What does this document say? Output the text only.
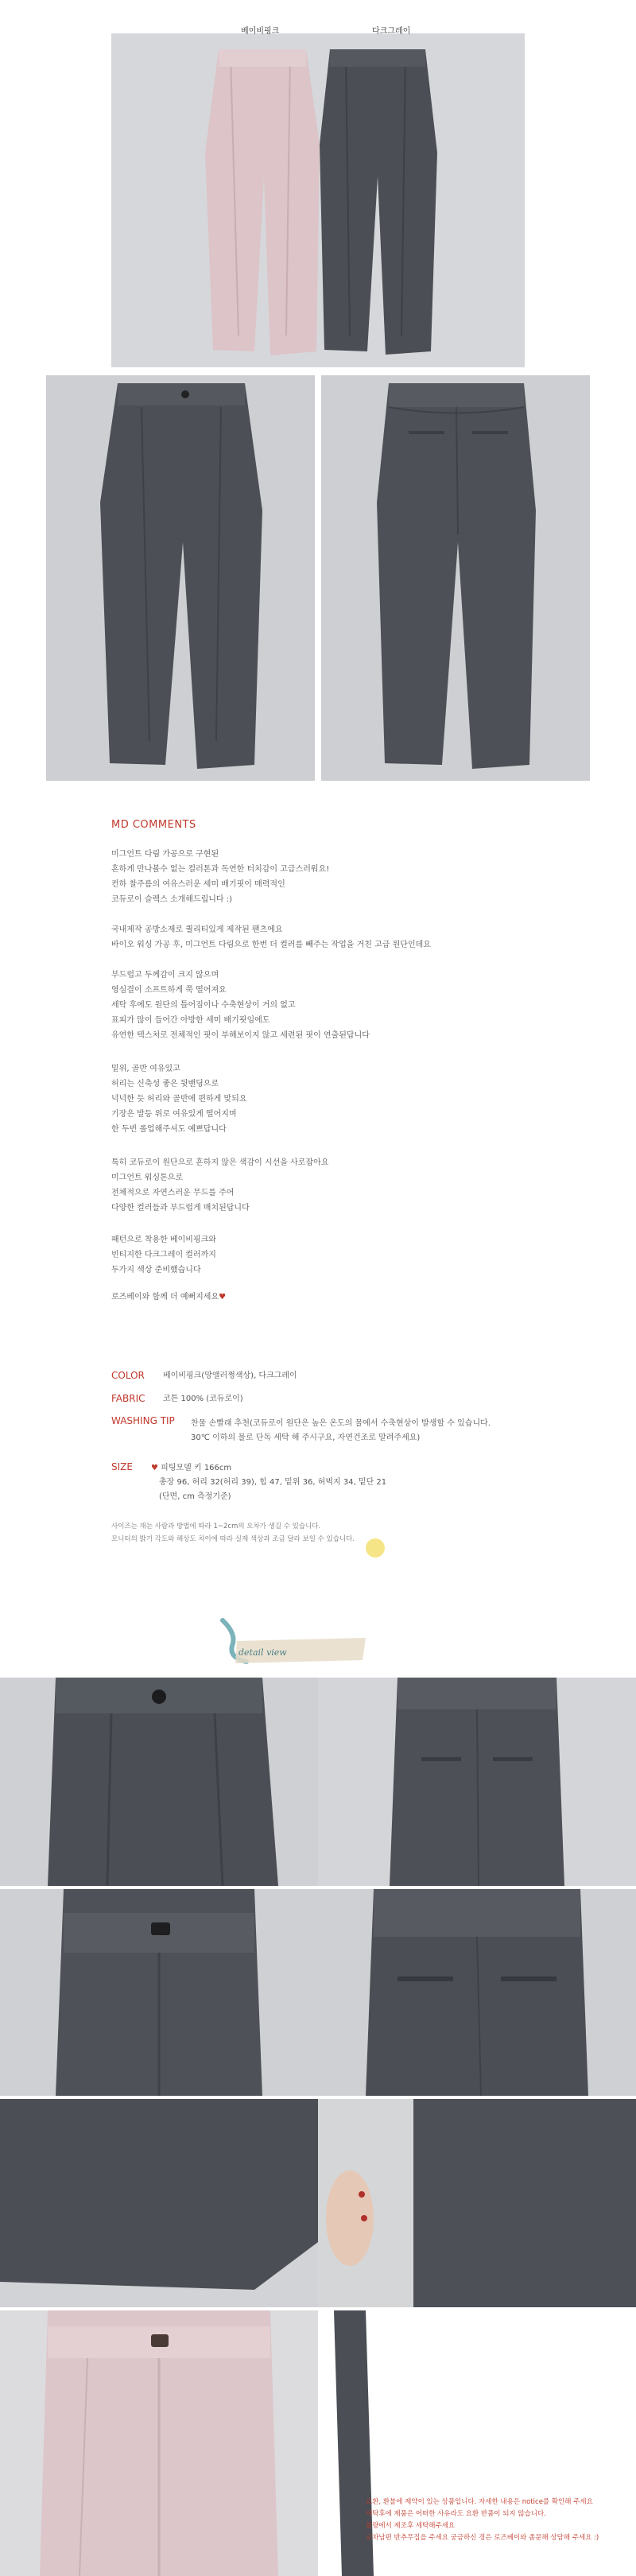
베이비핑크	다크그레이
MD COMMENTS
미그언트 다림 가공으로 구현된
흔하게 만나볼수 없는 컬러톤과 독연한 터치감이 고급스러워요!
컨하 찰주름의 여유스러운 세미 배기핏이 매력적인
코듀로이 슬렉스 소개해드립니다 :)
국내제작 공방소재로 퀄리티있게 제작된 팬츠에요
바이오 워싱 가공 후, 미그언트 다림으로 한번 더 컬러를 빼주는 작업을 거친 고급 원단인데요
부드럽고 두께감이 크지 않으며
영심결이 소프트하게 쭉 떨어져요
세탁 후에도 원단의 틀어짐이나 수축현상이 거의 없고
표피가 많이 들어간 아방한 세미 배기핏임에도
유연한 텍스처로 전체적인 핏이 부해보이지 않고 세련된 핏이 연출된답니다
밑위, 골반 여유있고
허리는 신축성 좋은 뒷밴딩으로
넉넉한 듯 허리와 골반에 편하게 맞되요
기장은 발등 위로 여유있게 떨어지며
한 두번 롤업해주셔도 예쁘답니다
특히 코듀로이 원단으로 흔하지 않은 색감이 시선을 사로잡아요
미그언트 워싱톤으로
전체적으로 자연스러운 무드를 주어
다양한 컬러들과 부드럽게 매치된답니다
패턴으로 착용한 베이비핑크와
빈티지한 다크그레이 컬러까지
두가지 색상 준비했습니다
로즈베이와 함께 더 예뻐지세요♥
COLOR 베이비핑크(망앨러쩡색상), 다크그레이
FABRIC 코튼 100% (코듀로이)
WASHING TIP 찬물 손빨래 추천(코듀로이 원단은 높은 온도의 물에서 수축현상이 발생할 수 있습니다.
30℃ 이하의 물로 단독 세탁 해 주시구요, 자연건조로 말려주세요)
SIZE ♥ 피팅모델 키 166cm
총장 96, 허리 32(허리 39), 힙 47, 밑위 36, 허벅지 34, 밑단 21
(단면, cm 측정기준)
사이즈는 재는 사람과 방법에 따라 1~2cm의 오차가 생길 수 있습니다.
모니터의 밝기 각도와 해상도 차이에 따라 실제 색상과 조금 달라 보일 수 있습니다.
detail view
요환, 환불에 제약이 있는 상품입니다. 자세한 내용은 notice를 확인해 주세요
세탁후에 제품은 어떠한 사유라도 요환 반품이 되지 않습니다.
불량에서 제조후 세탁해주세요
교차남편 반추무집을 주세요 궁금하신 경은 로즈베이와 좀문해 상담해 주세요 :)
